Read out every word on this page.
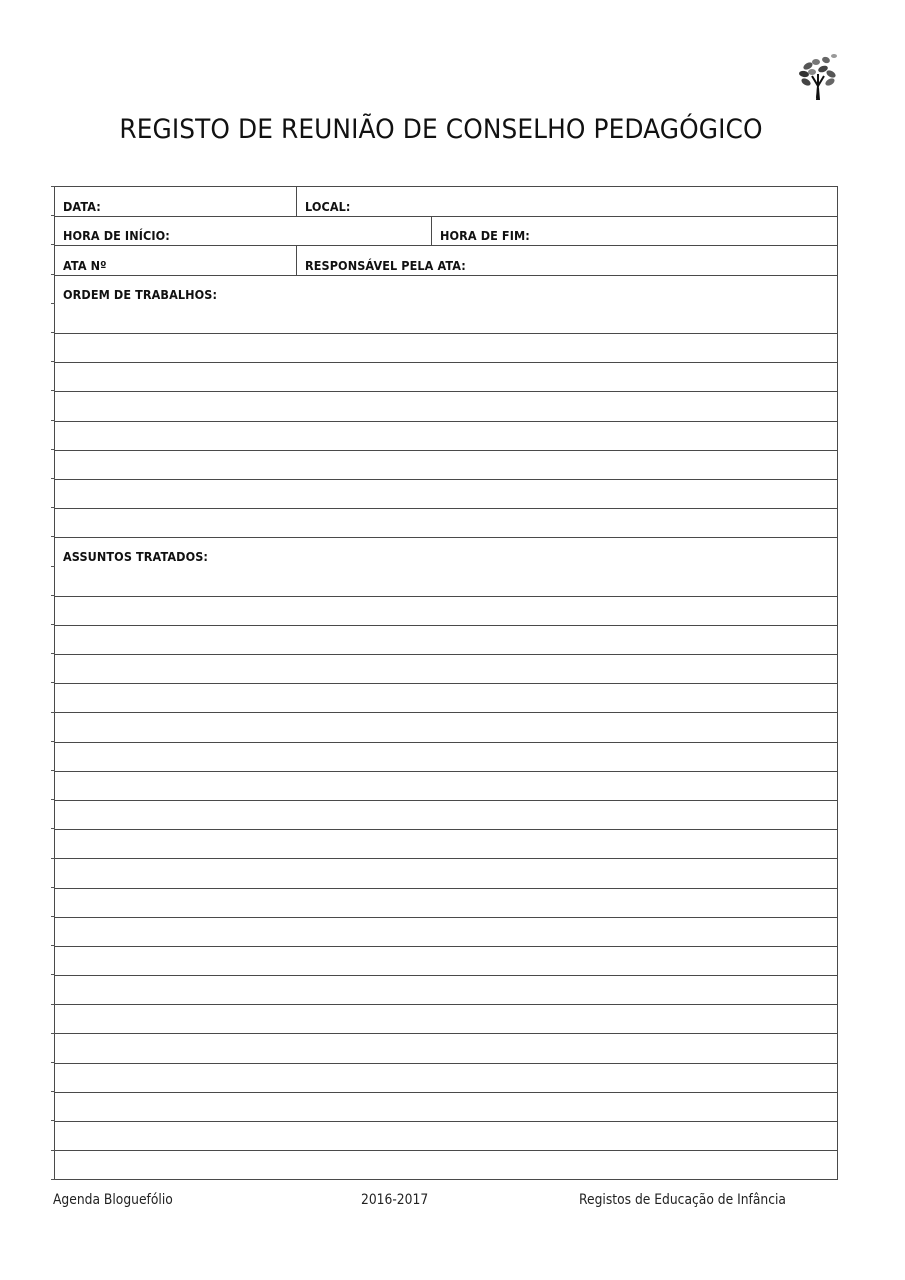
REGISTO DE REUNIÃO DE CONSELHO PEDAGÓGICO
DATA:	LOCAL:
HORA DE INÍCIO:	HORA DE FIM:
ATA Nº	RESPONSÁVEL PELA ATA:
ORDEM DE TRABALHOS:
ASSUNTOS TRATADOS:
Agenda Bloguefólio	2016-2017	Registos de Educação de Infância
